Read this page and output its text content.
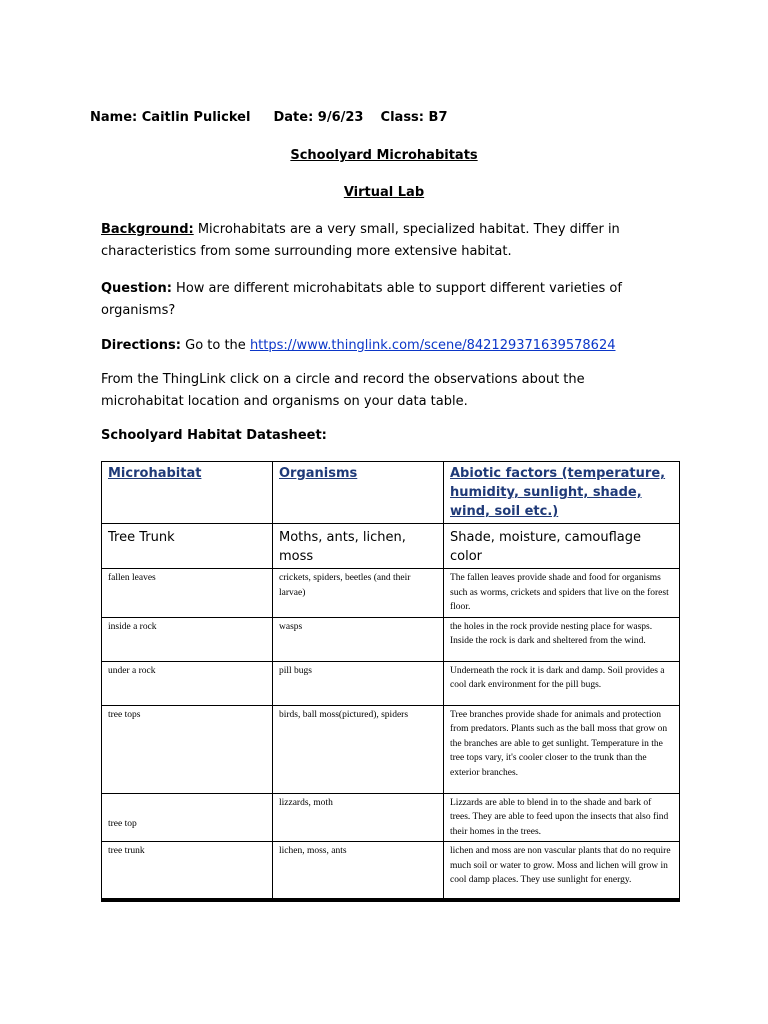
Name: Caitlin Pulickel Date: 9/6/23 Class: B7
Schoolyard Microhabitats
Virtual Lab
Background: Microhabitats are a very small, specialized habitat. They differ in characteristics from some surrounding more extensive habitat.
Question: How are different microhabitats able to support different varieties of organisms?
Directions: Go to the https://www.thinglink.com/scene/842129371639578624
From the ThingLink click on a circle and record the observations about the microhabitat location and organisms on your data table.
Schoolyard Habitat Datasheet:
Microhabitat	Organisms	Abiotic factors (temperature, humidity, sunlight, shade, wind, soil etc.)
Tree Trunk	Moths, ants, lichen, moss	Shade, moisture, camouflage color
fallen leaves	crickets, spiders, beetles (and their larvae)	The fallen leaves provide shade and food for organisms such as worms, crickets and spiders that live on the forest floor.
inside a rock	wasps	the holes in the rock provide nesting place for wasps. Inside the rock is dark and sheltered from the wind.
under a rock	pill bugs	Underneath the rock it is dark and damp. Soil provides a cool dark environment for the pill bugs.
tree tops	birds, ball moss(pictured), spiders	Tree branches provide shade for animals and protection from predators. Plants such as the ball moss that grow on the branches are able to get sunlight. Temperature in the tree tops vary, it's cooler closer to the trunk than the exterior branches.
tree top	lizzards, moth	Lizzards are able to blend in to the shade and bark of trees. They are able to feed upon the insects that also find their homes in the trees.
tree trunk	lichen, moss, ants	lichen and moss are non vascular plants that do no require much soil or water to grow. Moss and lichen will grow in cool damp places. They use sunlight for energy.
